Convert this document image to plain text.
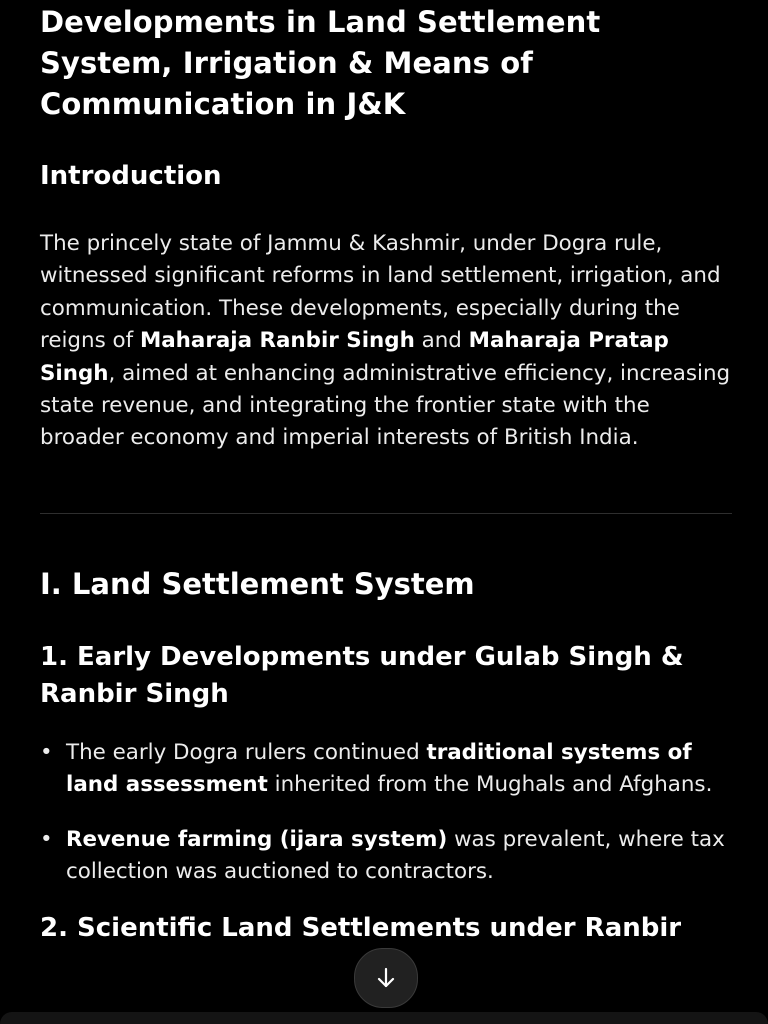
Developments in Land Settlement System, Irrigation & Means of Communication in J&K
Introduction

The princely state of Jammu & Kashmir, under Dogra rule, witnessed significant reforms in land settlement, irrigation, and communication. These developments, especially during the reigns of Maharaja Ranbir Singh and Maharaja Pratap Singh, aimed at enhancing administrative efficiency, increasing state revenue, and integrating the frontier state with the broader economy and imperial interests of British India.

I. Land Settlement System
1. Early Developments under Gulab Singh & Ranbir Singh
• The early Dogra rulers continued traditional systems of land assessment inherited from the Mughals and Afghans.
• Revenue farming (ijara system) was prevalent, where tax collection was auctioned to contractors.
2. Scientific Land Settlements under Ranbir
